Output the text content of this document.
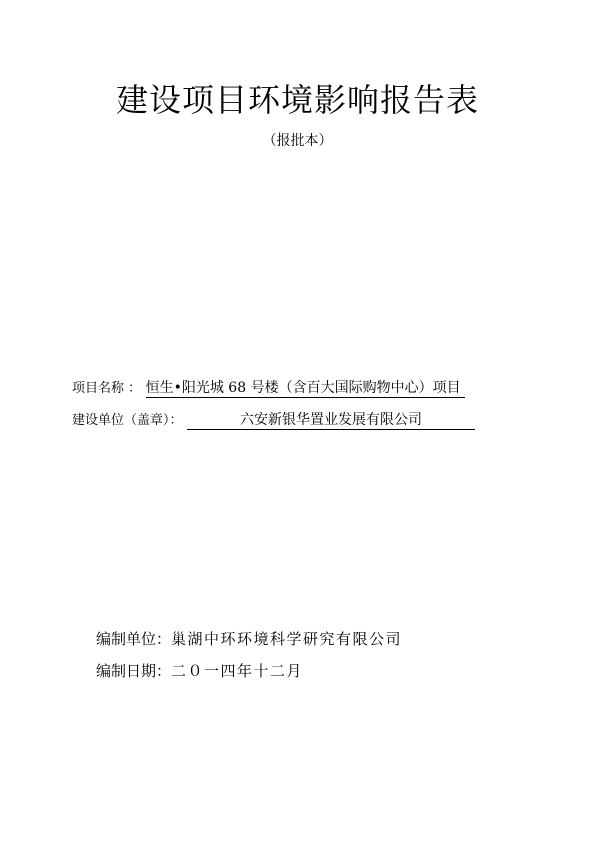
建设项目环境影响报告表
（报批本）
项目名称 ： 恒生•阳光城 68 号楼（含百大国际购物中心）项目
建设单位（盖章）：	六安新银华置业发展有限公司
编制单位：巢湖中环环境科学研究有限公司
编制日期：二０一四年十二月
